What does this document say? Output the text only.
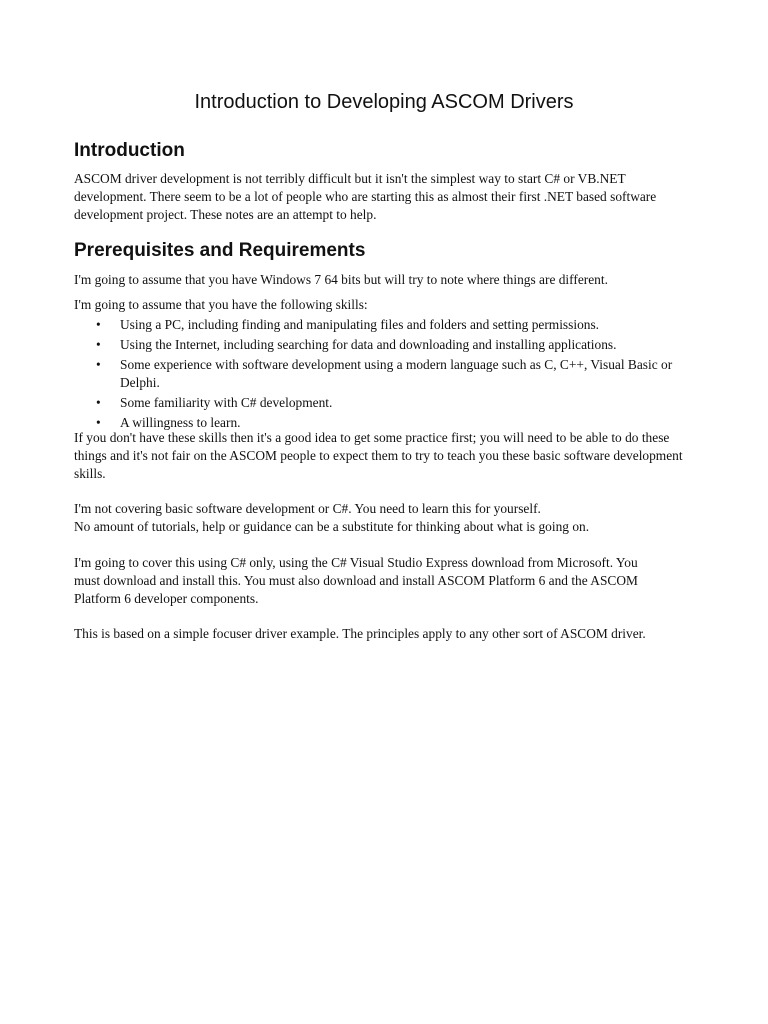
Introduction to Developing ASCOM Drivers
Introduction

ASCOM driver development is not terribly difficult but it isn't the simplest way to start C# or VB.NET development. There seem to be a lot of people who are starting this as almost their first .NET based software development project. These notes are an attempt to help.

Prerequisites and Requirements

I'm going to assume that you have Windows 7 64 bits but will try to note where things are different.

I'm going to assume that you have the following skills:

• Using a PC, including finding and manipulating files and folders and setting permissions.
• Using the Internet, including searching for data and downloading and installing applications.
• Some experience with software development using a modern language such as C, C++, Visual Basic or Delphi.
• Some familiarity with C# development.
• A willingness to learn.

If you don't have these skills then it's a good idea to get some practice first; you will need to be able to do these things and it's not fair on the ASCOM people to expect them to try to teach you these basic software development skills.

I'm not covering basic software development or C#. You need to learn this for yourself.
No amount of tutorials, help or guidance can be a substitute for thinking about what is going on.

I'm going to cover this using C# only, using the C# Visual Studio Express download from Microsoft. You must download and install this. You must also download and install ASCOM Platform 6 and the ASCOM Platform 6 developer components.

This is based on a simple focuser driver example. The principles apply to any other sort of ASCOM driver.
